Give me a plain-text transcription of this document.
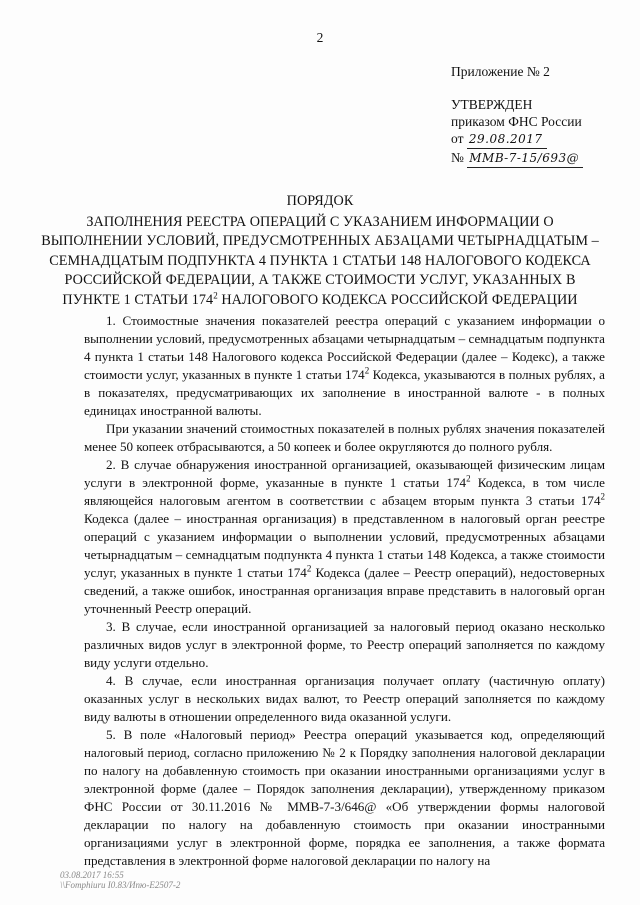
2
Приложение № 2
УТВЕРЖДЕН
приказом ФНС России
от 29.08.2017
№ ММВ-7-15/693@
ПОРЯДОК
ЗАПОЛНЕНИЯ РЕЕСТРА ОПЕРАЦИЙ С УКАЗАНИЕМ ИНФОРМАЦИИ О
ВЫПОЛНЕНИИ УСЛОВИЙ, ПРЕДУСМОТРЕННЫХ АБЗАЦАМИ ЧЕТЫРНАДЦАТЫМ –
СЕМНАДЦАТЫМ ПОДПУНКТА 4 ПУНКТА 1 СТАТЬИ 148 НАЛОГОВОГО КОДЕКСА
РОССИЙСКОЙ ФЕДЕРАЦИИ, А ТАКЖЕ СТОИМОСТИ УСЛУГ, УКАЗАННЫХ В
ПУНКТЕ 1 СТАТЬИ $174^2$ НАЛОГОВОГО КОДЕКСА РОССИЙСКОЙ ФЕДЕРАЦИИ

1. Стоимостные значения показателей реестра операций с указанием информации о выполнении условий, предусмотренных абзацами четырнадцатым – семнадцатым подпункта 4 пункта 1 статьи 148 Налогового кодекса Российской Федерации (далее – Кодекс), а также стоимости услуг, указанных в пункте 1 статьи $174^2$ Кодекса, указываются в полных рублях, а в показателях, предусматривающих их заполнение в иностранной валюте - в полных единицах иностранной валюты.

При указании значений стоимостных показателей в полных рублях значения показателей менее 50 копеек отбрасываются, а 50 копеек и более округляются до полного рубля.

2. В случае обнаружения иностранной организацией, оказывающей физическим лицам услуги в электронной форме, указанные в пункте 1 статьи $174^2$ Кодекса, в том числе являющейся налоговым агентом в соответствии с абзацем вторым пункта 3 статьи $174^2$ Кодекса (далее – иностранная организация) в представленном в налоговый орган реестре операций с указанием информации о выполнении условий, предусмотренных абзацами четырнадцатым – семнадцатым подпункта 4 пункта 1 статьи 148 Кодекса, а также стоимости услуг, указанных в пункте 1 статьи $174^2$ Кодекса (далее – Реестр операций), недостоверных сведений, а также ошибок, иностранная организация вправе представить в налоговый орган уточненный Реестр операций.

3. В случае, если иностранной организацией за налоговый период оказано несколько различных видов услуг в электронной форме, то Реестр операций заполняется по каждому виду услуги отдельно.

4. В случае, если иностранная организация получает оплату (частичную оплату) оказанных услуг в нескольких видах валют, то Реестр операций заполняется по каждому виду валюты в отношении определенного вида оказанной услуги.

5. В поле «Налоговый период» Реестра операций указывается код, определяющий налоговый период, согласно приложению № 2 к Порядку заполнения налоговой декларации по налогу на добавленную стоимость при оказании иностранными организациями услуг в электронной форме (далее – Порядок заполнения декларации), утвержденному приказом ФНС России от 30.11.2016 № ММВ-7-3/646@ «Об утверждении формы налоговой декларации по налогу на добавленную стоимость при оказании иностранными организациями услуг в электронной форме, порядка ее заполнения, а также формата представления в электронной форме налоговой декларации по налогу на

03.08.2017 16:55
\\Fomphiuru I0.83/Иnю-Е2507-2
